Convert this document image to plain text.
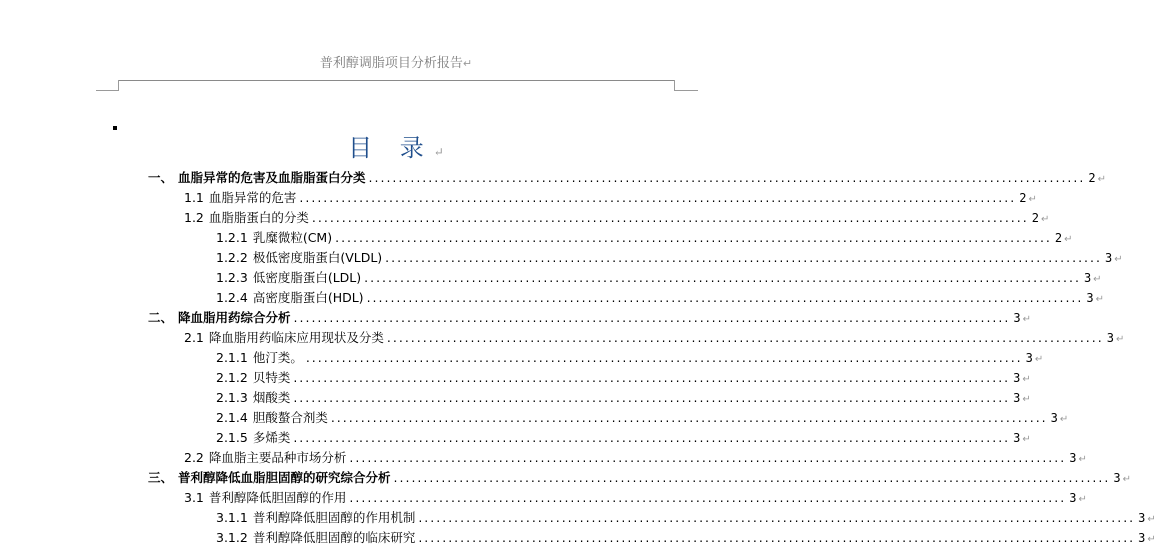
普利醇调脂项目分析报告↵
目 录↵
一、 血脂异常的危害及血脂脂蛋白分类 ........................................................................................................................ 2 ↵
1.1 血脂异常的危害 ........................................................................................................................ 2 ↵
1.2 血脂脂蛋白的分类 ........................................................................................................................ 2 ↵
1.2.1 乳糜微粒(CM) ........................................................................................................................ 2 ↵
1.2.2 极低密度脂蛋白(VLDL) ........................................................................................................................ 3 ↵
1.2.3 低密度脂蛋白(LDL) ........................................................................................................................ 3 ↵
1.2.4 高密度脂蛋白(HDL) ........................................................................................................................ 3 ↵
二、 降血脂用药综合分析 ........................................................................................................................ 3 ↵
2.1 降血脂用药临床应用现状及分类 ........................................................................................................................ 3 ↵
2.1.1 他汀类。 ........................................................................................................................ 3 ↵
2.1.2 贝特类 ........................................................................................................................ 3 ↵
2.1.3 烟酸类 ........................................................................................................................ 3 ↵
2.1.4 胆酸螯合剂类 ........................................................................................................................ 3 ↵
2.1.5 多烯类 ........................................................................................................................ 3 ↵
2.2 降血脂主要品种市场分析 ........................................................................................................................ 3 ↵
三、 普利醇降低血脂胆固醇的研究综合分析 ........................................................................................................................ 3 ↵
3.1 普利醇降低胆固醇的作用 ........................................................................................................................ 3 ↵
3.1.1 普利醇降低胆固醇的作用机制 ........................................................................................................................ 3 ↵
3.1.2 普利醇降低胆固醇的临床研究 ........................................................................................................................ 3 ↵
